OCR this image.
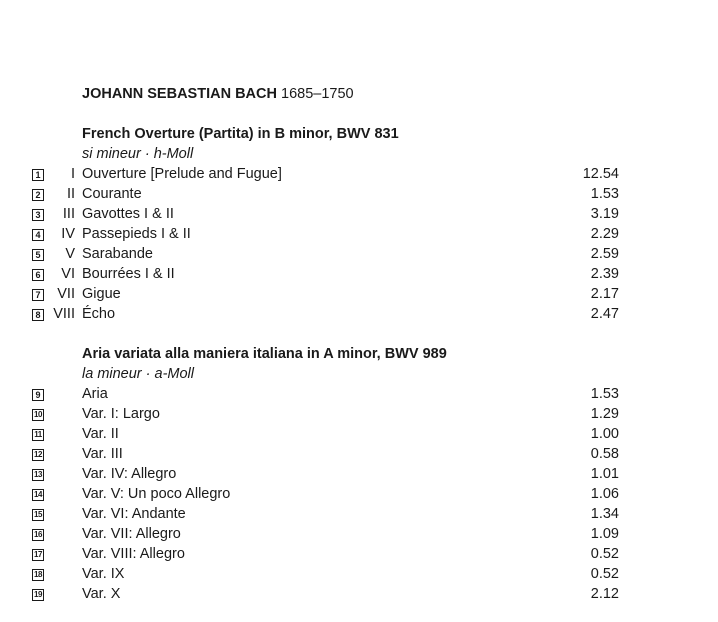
JOHANN SEBASTIAN BACH 1685–1750
French Overture (Partita) in B minor, BWV 831
si mineur · h-Moll
1 I Ouverture [Prelude and Fugue]	12.54
2 II Courante	1.53
3 III Gavottes I & II	3.19
4 IV Passepieds I & II	2.29
5 V Sarabande	2.59
6 VI Bourrées I & II	2.39
7 VII Gigue	2.17
8 VIII Écho	2.47
Aria variata alla maniera italiana in A minor, BWV 989
la mineur · a-Moll
9	Aria	1.53
10	Var. I: Largo	1.29
11	Var. II	1.00
12	Var. III	0.58
13	Var. IV: Allegro	1.01
14	Var. V: Un poco Allegro	1.06
15	Var. VI: Andante	1.34
16	Var. VII: Allegro	1.09
17	Var. VIII: Allegro	0.52
18	Var. IX	0.52
19	Var. X	2.12
